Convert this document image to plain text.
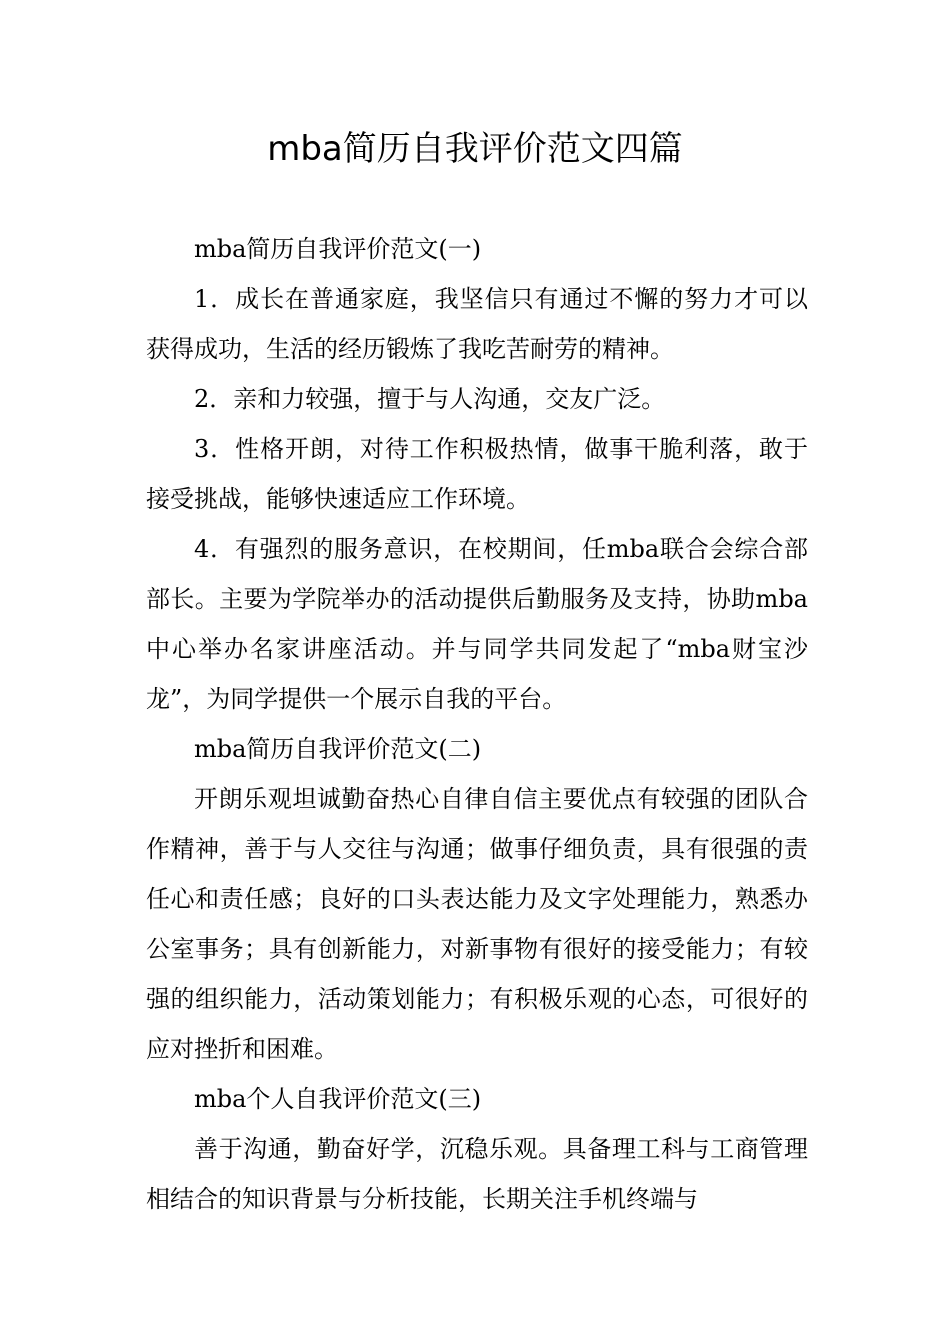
mba简历自我评价范文四篇

mba简历自我评价范文(一)

1．成长在普通家庭，我坚信只有通过不懈的努力才可以获得成功，生活的经历锻炼了我吃苦耐劳的精神。

2．亲和力较强，擅于与人沟通，交友广泛。

3．性格开朗，对待工作积极热情，做事干脆利落，敢于接受挑战，能够快速适应工作环境。

4．有强烈的服务意识，在校期间，任mba联合会综合部部长。主要为学院举办的活动提供后勤服务及支持，协助mba中心举办名家讲座活动。并与同学共同发起了“mba财宝沙龙”，为同学提供一个展示自我的平台。

mba简历自我评价范文(二)

开朗乐观坦诚勤奋热心自律自信主要优点有较强的团队合作精神，善于与人交往与沟通；做事仔细负责，具有很强的责任心和责任感；良好的口头表达能力及文字处理能力，熟悉办公室事务；具有创新能力，对新事物有很好的接受能力；有较强的组织能力，活动策划能力；有积极乐观的心态，可很好的应对挫折和困难。

mba个人自我评价范文(三)

善于沟通，勤奋好学，沉稳乐观。具备理工科与工商管理相结合的知识背景与分析技能，长期关注手机终端与
